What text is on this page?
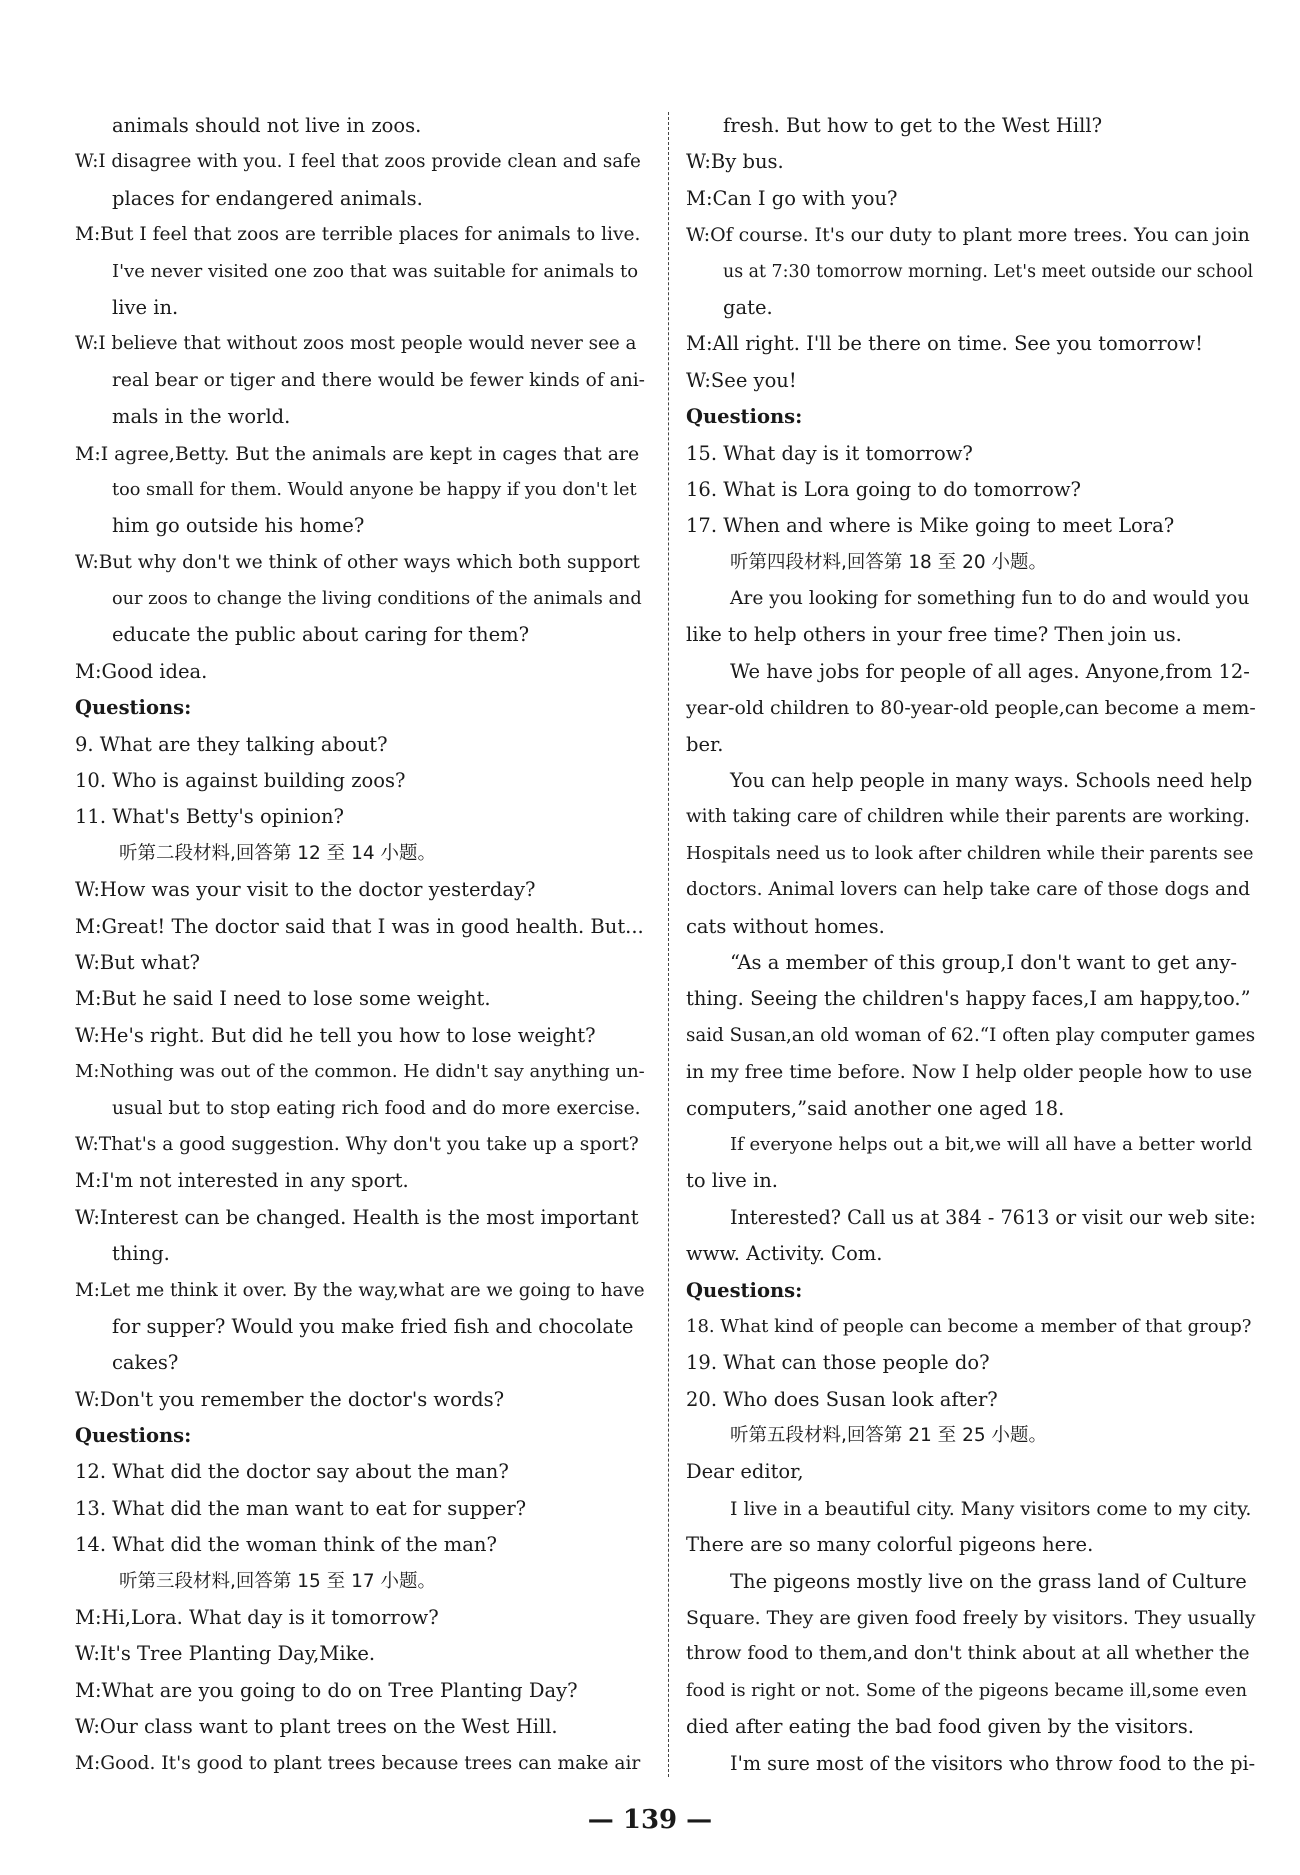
animals should not live in zoos.
W:I disagree with you. I feel that zoos provide clean and safe
places for endangered animals.
M:But I feel that zoos are terrible places for animals to live.
I've never visited one zoo that was suitable for animals to
live in.
W:I believe that without zoos most people would never see a
real bear or tiger and there would be fewer kinds of ani-
mals in the world.
M:I agree,Betty. But the animals are kept in cages that are
too small for them. Would anyone be happy if you don't let
him go outside his home?
W:But why don't we think of other ways which both support
our zoos to change the living conditions of the animals and
educate the public about caring for them?
M:Good idea.
Questions:
9. What are they talking about?
10. Who is against building zoos?
11. What's Betty's opinion?
听第二段材料,回答第 12 至 14 小题。
W:How was your visit to the doctor yesterday?
M:Great! The doctor said that I was in good health. But...
W:But what?
M:But he said I need to lose some weight.
W:He's right. But did he tell you how to lose weight?
M:Nothing was out of the common. He didn't say anything un-
usual but to stop eating rich food and do more exercise.
W:That's a good suggestion. Why don't you take up a sport?
M:I'm not interested in any sport.
W:Interest can be changed. Health is the most important
thing.
M:Let me think it over. By the way,what are we going to have
for supper? Would you make fried fish and chocolate
cakes?
W:Don't you remember the doctor's words?
Questions:
12. What did the doctor say about the man?
13. What did the man want to eat for supper?
14. What did the woman think of the man?
听第三段材料,回答第 15 至 17 小题。
M:Hi,Lora. What day is it tomorrow?
W:It's Tree Planting Day,Mike.
M:What are you going to do on Tree Planting Day?
W:Our class want to plant trees on the West Hill.
M:Good. It's good to plant trees because trees can make air
fresh. But how to get to the West Hill?
W:By bus.
M:Can I go with you?
W:Of course. It's our duty to plant more trees. You can join
us at 7:30 tomorrow morning. Let's meet outside our school
gate.
M:All right. I'll be there on time. See you tomorrow!
W:See you!
Questions:
15. What day is it tomorrow?
16. What is Lora going to do tomorrow?
17. When and where is Mike going to meet Lora?
听第四段材料,回答第 18 至 20 小题。
Are you looking for something fun to do and would you
like to help others in your free time? Then join us.
We have jobs for people of all ages. Anyone,from 12-
year-old children to 80-year-old people,can become a mem-
ber.
You can help people in many ways. Schools need help
with taking care of children while their parents are working.
Hospitals need us to look after children while their parents see
doctors. Animal lovers can help take care of those dogs and
cats without homes.
“As a member of this group,I don't want to get any-
thing. Seeing the children's happy faces,I am happy,too.”
said Susan,an old woman of 62.“I often play computer games
in my free time before. Now I help older people how to use
computers,”said another one aged 18.
If everyone helps out a bit,we will all have a better world
to live in.
Interested? Call us at 384 - 7613 or visit our web site:
www. Activity. Com.
Questions:
18. What kind of people can become a member of that group?
19. What can those people do?
20. Who does Susan look after?
听第五段材料,回答第 21 至 25 小题。
Dear editor,
I live in a beautiful city. Many visitors come to my city.
There are so many colorful pigeons here.
The pigeons mostly live on the grass land of Culture
Square. They are given food freely by visitors. They usually
throw food to them,and don't think about at all whether the
food is right or not. Some of the pigeons became ill,some even
died after eating the bad food given by the visitors.
I'm sure most of the visitors who throw food to the pi-
— 139 —
